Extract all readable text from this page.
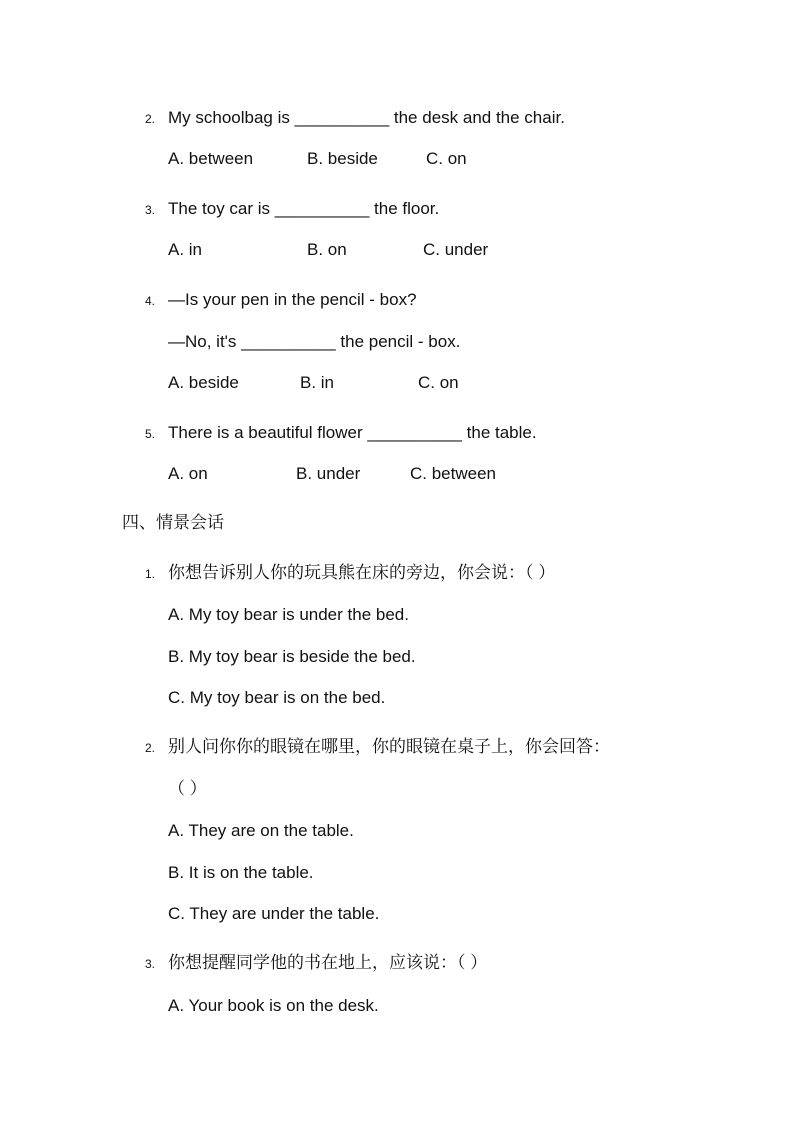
2. My schoolbag is __________ the desk and the chair.
A. between	B. beside	C. on
3. The toy car is __________ the floor.
A. in	B. on	C. under
4. —Is your pen in the pencil - box?
—No, it's __________ the pencil - box.
A. beside	B. in	C. on
5. There is a beautiful flower __________ the table.
A. on	B. under	C. between
四、情景会话
1. 你想告诉别人你的玩具熊在床的旁边，你会说：（ ）
A. My toy bear is under the bed.
B. My toy bear is beside the bed.
C. My toy bear is on the bed.
2. 别人问你你的眼镜在哪里，你的眼镜在桌子上，你会回答：
（ ）
A. They are on the table.
B. It is on the table.
C. They are under the table.
3. 你想提醒同学他的书在地上，应该说：（ ）
A. Your book is on the desk.
